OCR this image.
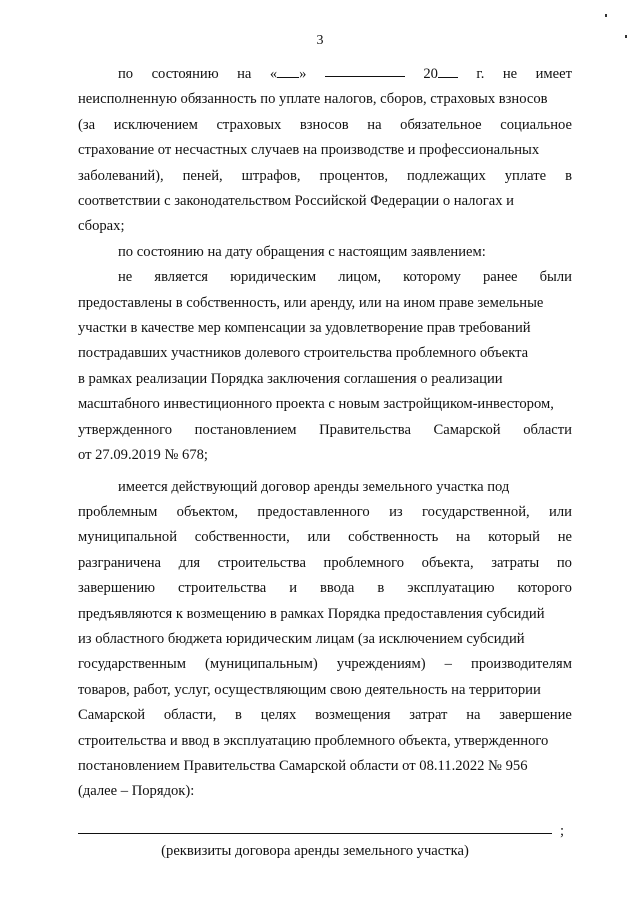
3
по состоянию на « »	20	г. не имеет
неисполненную обязанность по уплате налогов, сборов, страховых взносов
(за исключением страховых взносов на обязательное социальное
страхование от несчастных случаев на производстве и профессиональных
заболеваний), пеней, штрафов, процентов, подлежащих уплате в
соответствии с законодательством Российской Федерации о налогах и
сборах;
по состоянию на дату обращения с настоящим заявлением:
не является юридическим лицом, которому ранее были
предоставлены в собственность, или аренду, или на ином праве земельные
участки в качестве мер компенсации за удовлетворение прав требований
пострадавших участников долевого строительства проблемного объекта
в рамках реализации Порядка заключения соглашения о реализации
масштабного инвестиционного проекта с новым застройщиком-инвестором,
утвержденного постановлением Правительства Самарской области
от 27.09.2019 № 678;
имеется действующий договор аренды земельного участка под
проблемным объектом, предоставленного из государственной, или
муниципальной собственности, или собственность на который не
разграничена для строительства проблемного объекта, затраты по
завершению строительства и ввода в эксплуатацию которого
предъявляются к возмещению в рамках Порядка предоставления субсидий
из областного бюджета юридическим лицам (за исключением субсидий
государственным (муниципальным) учреждениям) – производителям
товаров, работ, услуг, осуществляющим свою деятельность на территории
Самарской области, в целях возмещения затрат на завершение
строительства и ввод в эксплуатацию проблемного объекта, утвержденного
постановлением Правительства Самарской области от 08.11.2022 № 956
(далее – Порядок):
;
(реквизиты договора аренды земельного участка)
